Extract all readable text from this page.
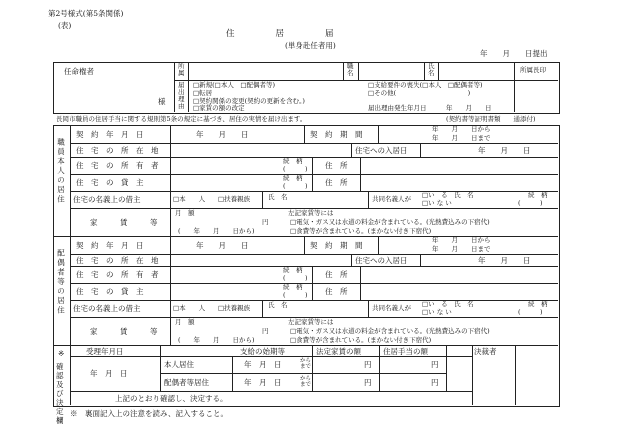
第2号様式(第5条関係)
(表)
住　　居　　届
(単身赴任者用)
年　　月　　日提出
任命権者
様
所属
職名
氏名	所属長印
届出理由
□新規(□本人　□配偶者等)
□転居
□契約関係の変更(契約の更新を含む。)
□家賃の額の改定
□支給要件の喪失(□本人　□配偶者等)
□その他(　　　　　　　　　　　)
届出理由発生年月日　　　年　　月　　日
長岡市職員の住居手当に関する規則第5条の規定に基づき、居住の実情を届け出ます。	(契約書等証明書類　　通添付)
職員本人の居住
配偶者等の居住
契　約　年　月　日	年　　月　　日	契　約　期　間
年　　月　　日から
年　　月　　日まで
住　宅　の　所　在　地	住宅への入居日	年　　月　　日
住　宅　の　所　有　者	続　柄
(　　　) 住　所
住　宅　の　貸　主	続　柄
(　　　) 住　所
住宅の名義上の借主	□本　　人 □扶養親族	氏　名	共同名義人が □い　る　氏　名
□い な い
続　柄
(　　　)
家　　　賃　　　等
月　額
円
(　　年　　月　　日から)
左記家賃等には
□電気・ガス又は水道の料金が含まれている。(光熱費込みの下宿代)
□食費等が含まれている。(まかない付き下宿代)
契　約　年　月　日	年　　月　　日	契　約　期　間
年　　月　　日から
年　　月　　日まで
住　宅　の　所　在　地	住宅への入居日	年　　月　　日
住　宅　の　所　有　者	続　柄
(　　　) 住　所
住　宅　の　貸　主	続　柄
(　　　) 住　所
住宅の名義上の借主	□本　　人 □扶養親族	氏　名	共同名義人が □い　る　氏　名
□い な い
続　柄
(　　　)
家　　　賃　　　等
月　額
円
(　　年　　月　　日から)
左記家賃等には
□電気・ガス又は水道の料金が含まれている。(光熱費込みの下宿代)
□食費等が含まれている。(まかない付き下宿代)
※
確認及び決定欄
受理年月日	支給の始期等	法定家賃の額	住居手当の額	決裁者
年　月　日
本人居住	年　月　日	から
まで	円	円
配偶者等居住	年　月　日	から
まで	円	円
上記のとおり確認し、決定する。
※　裏面記入上の注意を読み、記入すること。
